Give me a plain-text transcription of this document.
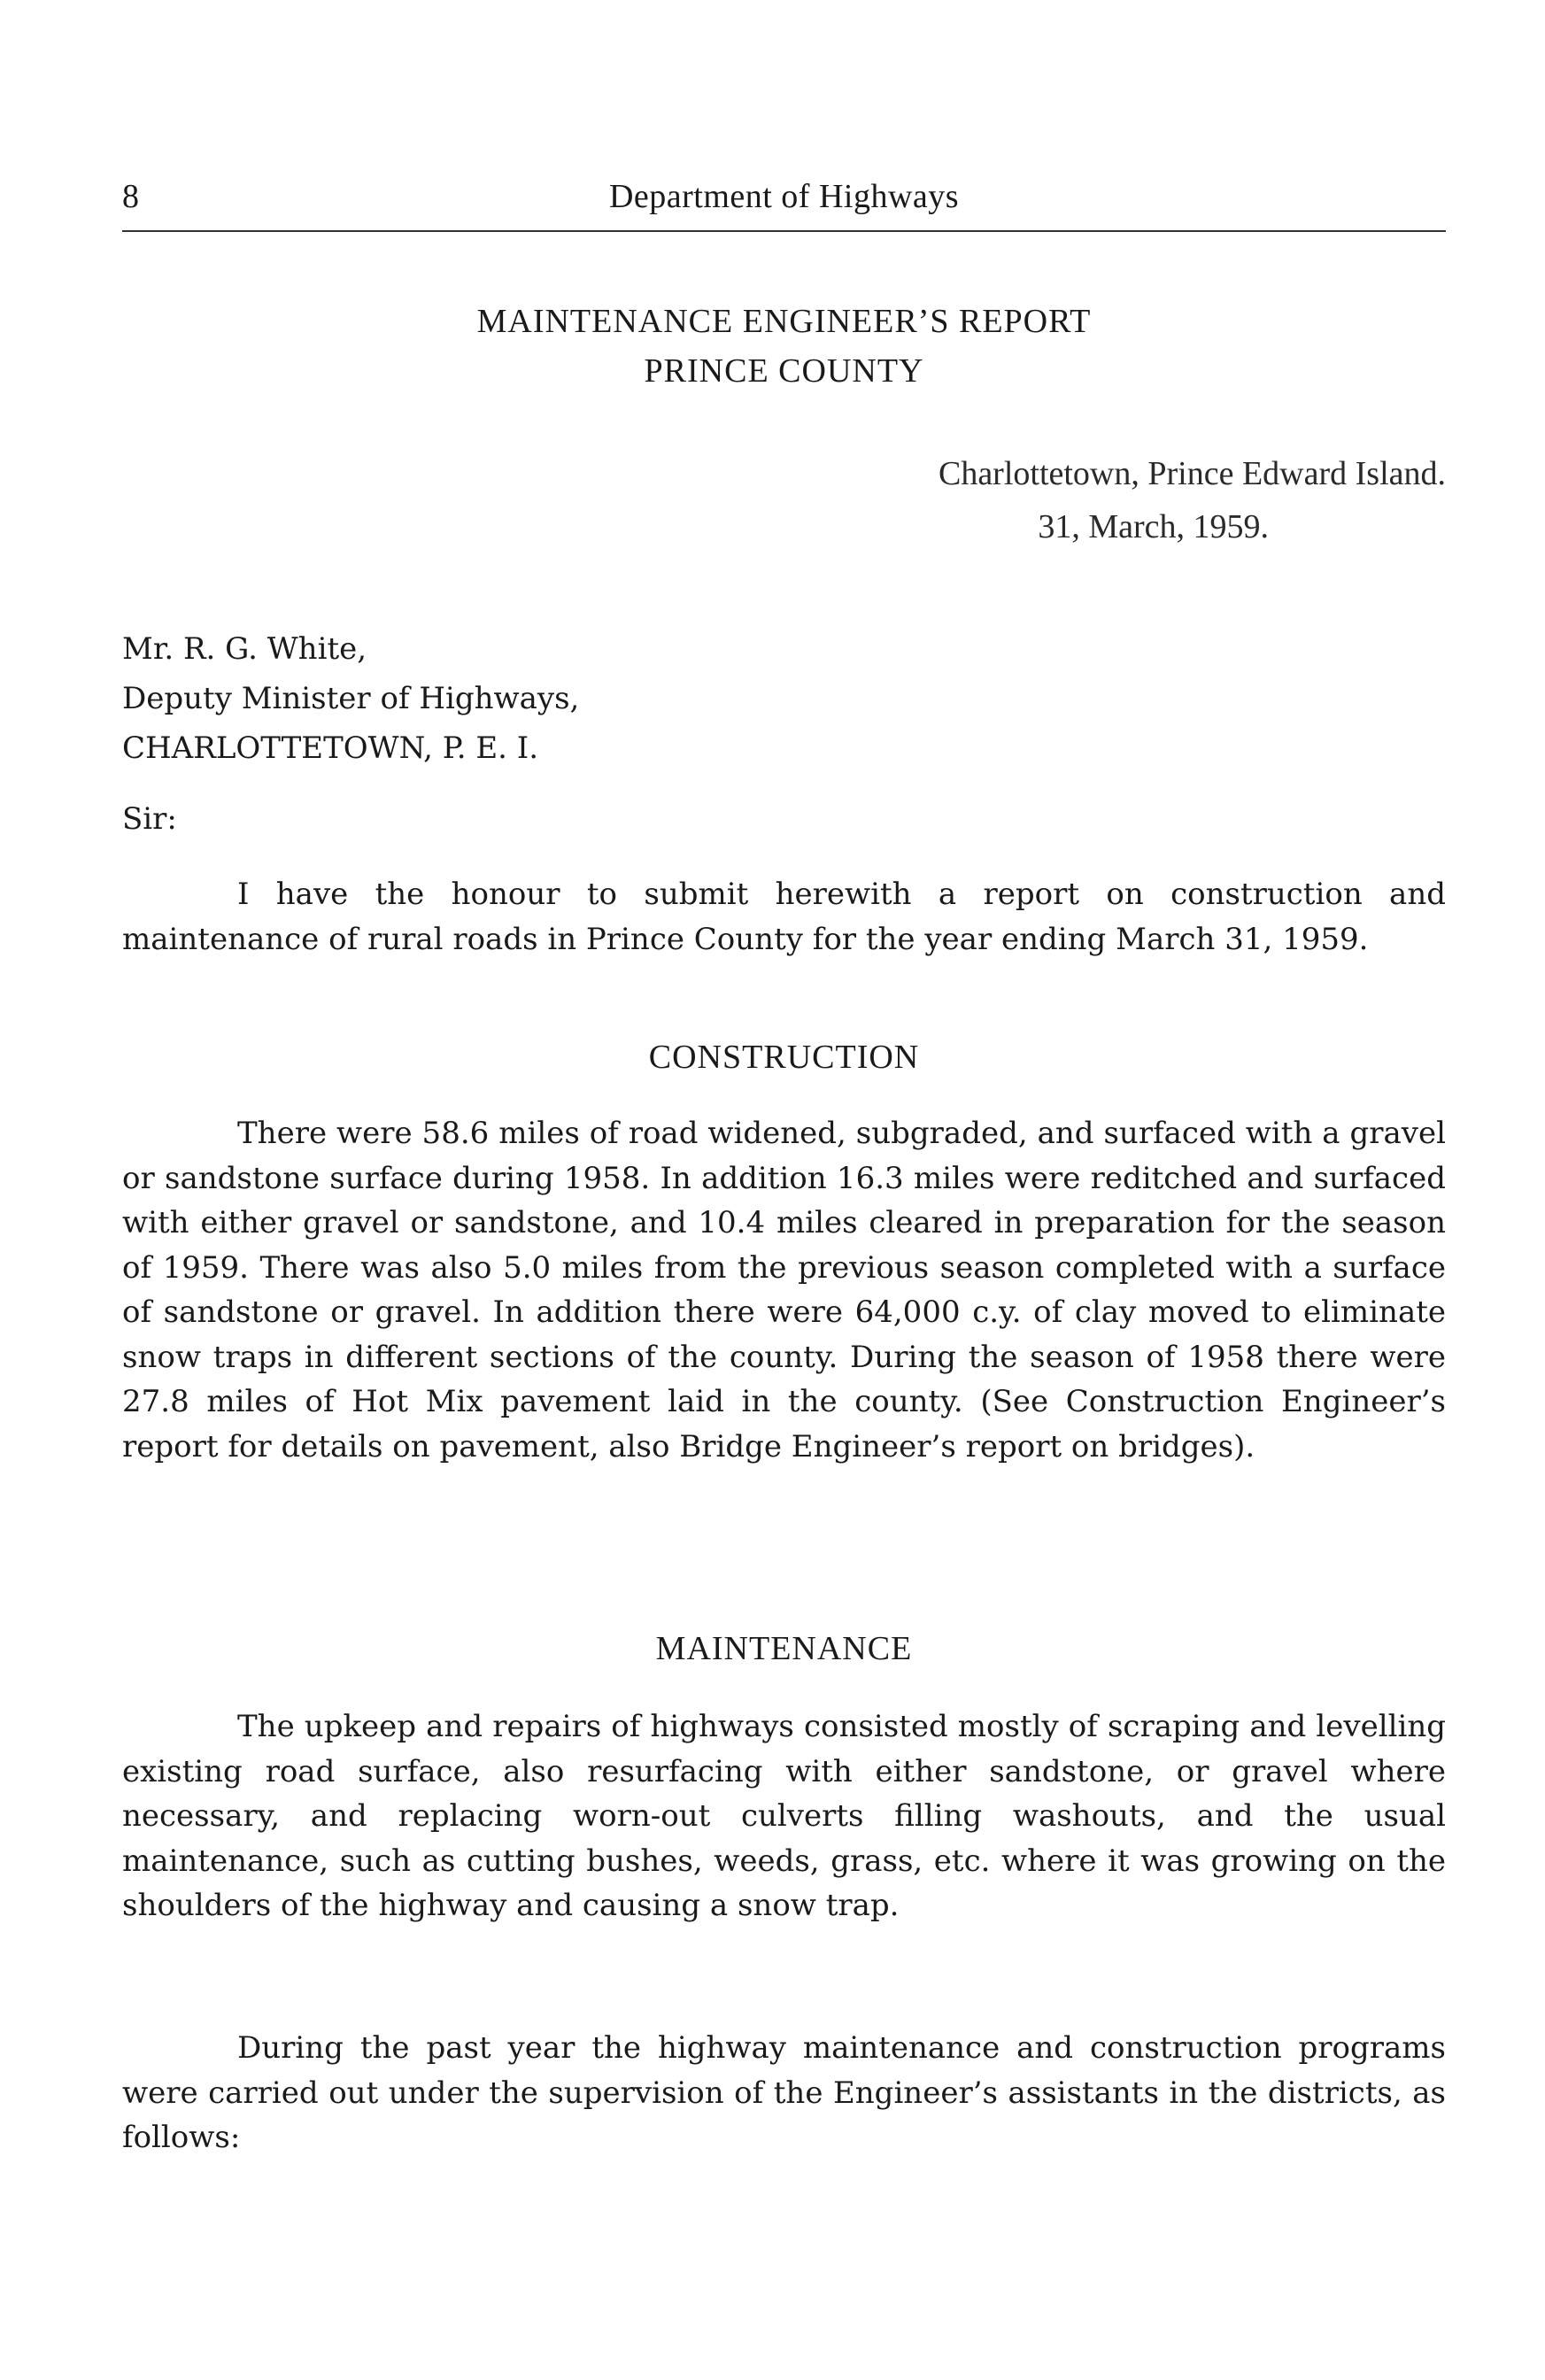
8	Department of Highways
MAINTENANCE ENGINEER’S REPORT
PRINCE COUNTY
Charlottetown, Prince Edward Island.
31, March, 1959.
Mr. R. G. White,
Deputy Minister of Highways,
CHARLOTTETOWN, P. E. I.
Sir:

I have the honour to submit herewith a report on construction and maintenance of rural roads in Prince County for the year ending March 31, 1959.

CONSTRUCTION

There were 58.6 miles of road widened, subgraded, and surfaced with a gravel or sandstone surface during 1958. In addition 16.3 miles were reditched and surfaced with either gravel or sandstone, and 10.4 miles cleared in preparation for the season of 1959. There was also 5.0 miles from the previous season completed with a surface of sandstone or gravel. In addition there were 64,000 c.y. of clay moved to eliminate snow traps in different sections of the county. During the season of 1958 there were 27.8 miles of Hot Mix pavement laid in the county. (See Construction Engineer’s report for details on pavement, also Bridge Engineer’s report on bridges).

MAINTENANCE

The upkeep and repairs of highways consisted mostly of scraping and levelling existing road surface, also resurfacing with either sandstone, or gravel where necessary, and replacing worn-out culverts filling washouts, and the usual maintenance, such as cutting bushes, weeds, grass, etc. where it was growing on the shoulders of the highway and causing a snow trap.

During the past year the highway maintenance and construction programs were carried out under the supervision of the Engineer’s assistants in the districts, as follows:
